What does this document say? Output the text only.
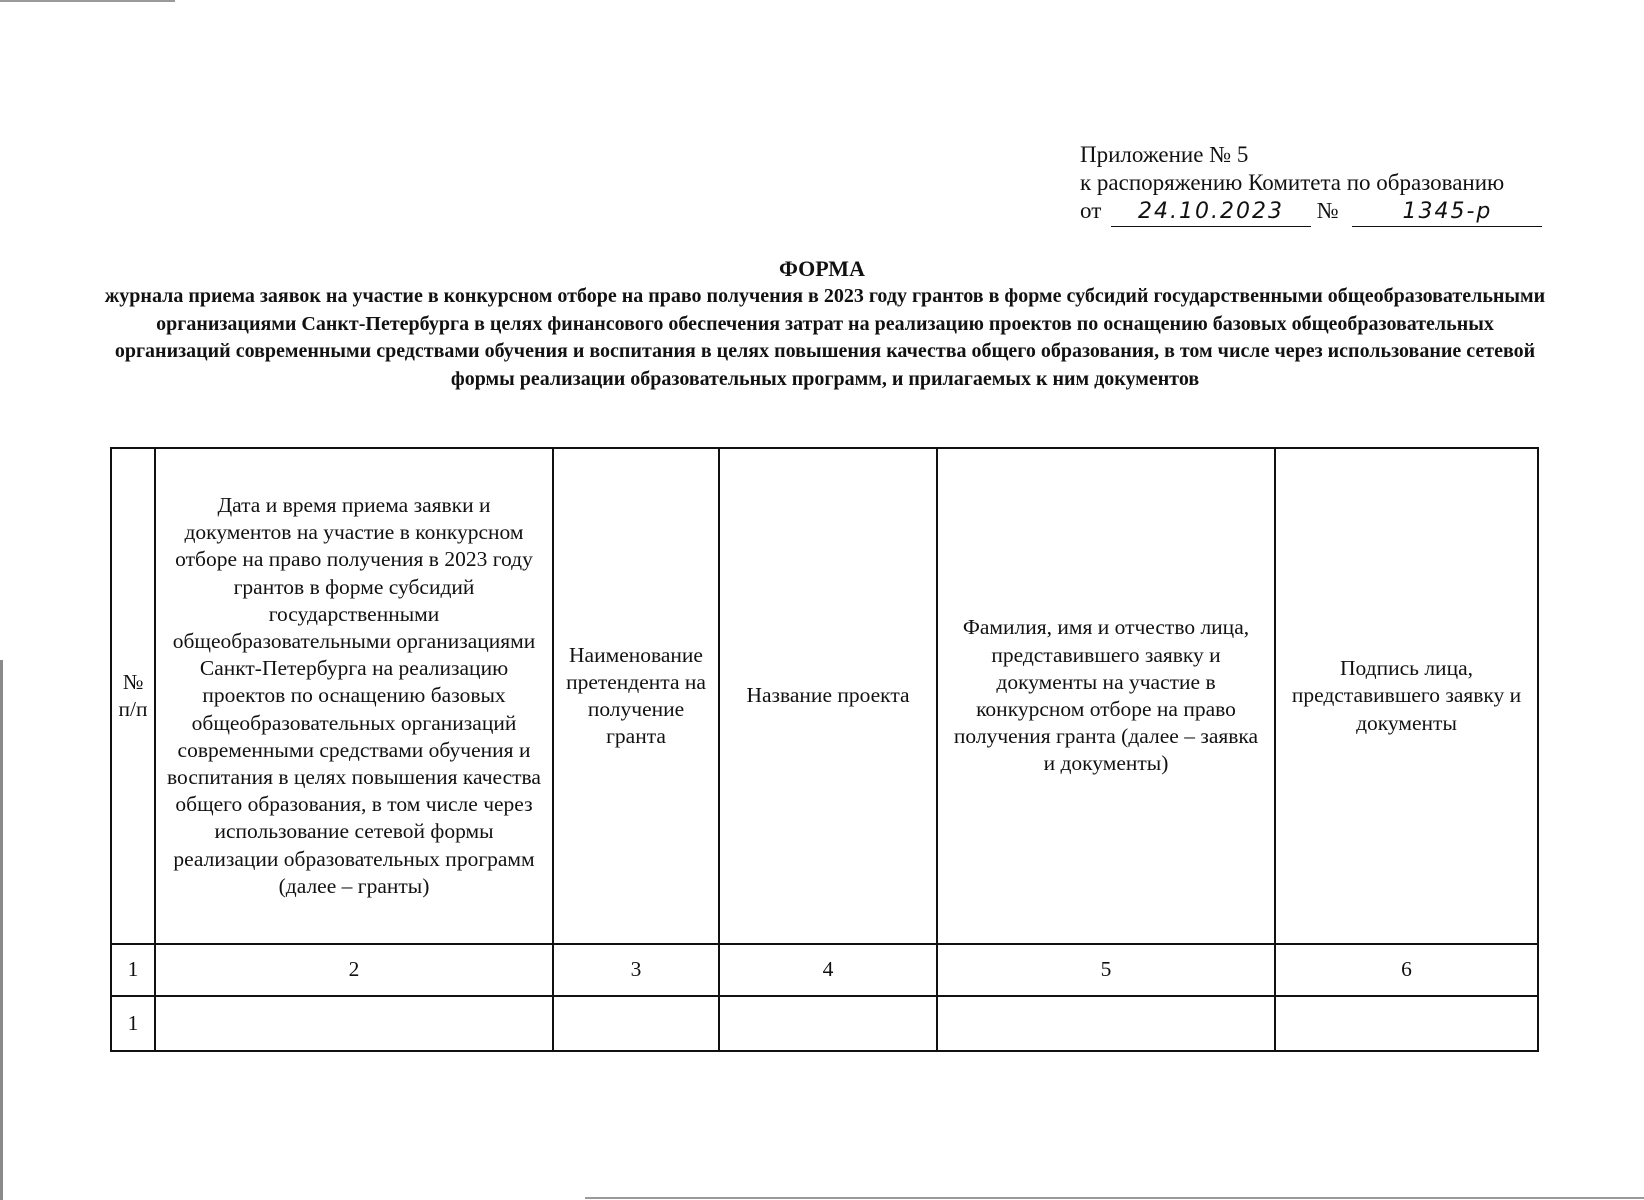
Приложение № 5
к распоряжению Комитета по образованию
от 24.10.2023 №	1345-р
ФОРМА
журнала приема заявок на участие в конкурсном отборе на право получения в 2023 году грантов в форме субсидий государственными общеобразовательными организациями Санкт-Петербурга в целях финансового обеспечения затрат на реализацию проектов по оснащению базовых общеобразовательных организаций современными средствами обучения и воспитания в целях повышения качества общего образования, в том числе через использование сетевой формы реализации образовательных программ, и прилагаемых к ним документов
№ п/п	Дата и время приема заявки и документов на участие в конкурсном отборе на право получения в 2023 году грантов в форме субсидий государственными общеобразовательными организациями Санкт-Петербурга на реализацию проектов по оснащению базовых общеобразовательных организаций современными средствами обучения и воспитания в целях повышения качества общего образования, в том числе через использование сетевой формы реализации образовательных программ (далее – гранты)	Наименование претендента на получение гранта	Название проекта	Фамилия, имя и отчество лица, представившего заявку и документы на участие в конкурсном отборе на право получения гранта (далее – заявка и документы)	Подпись лица, представившего заявку и документы
1	2	3	4	5	6
1					
